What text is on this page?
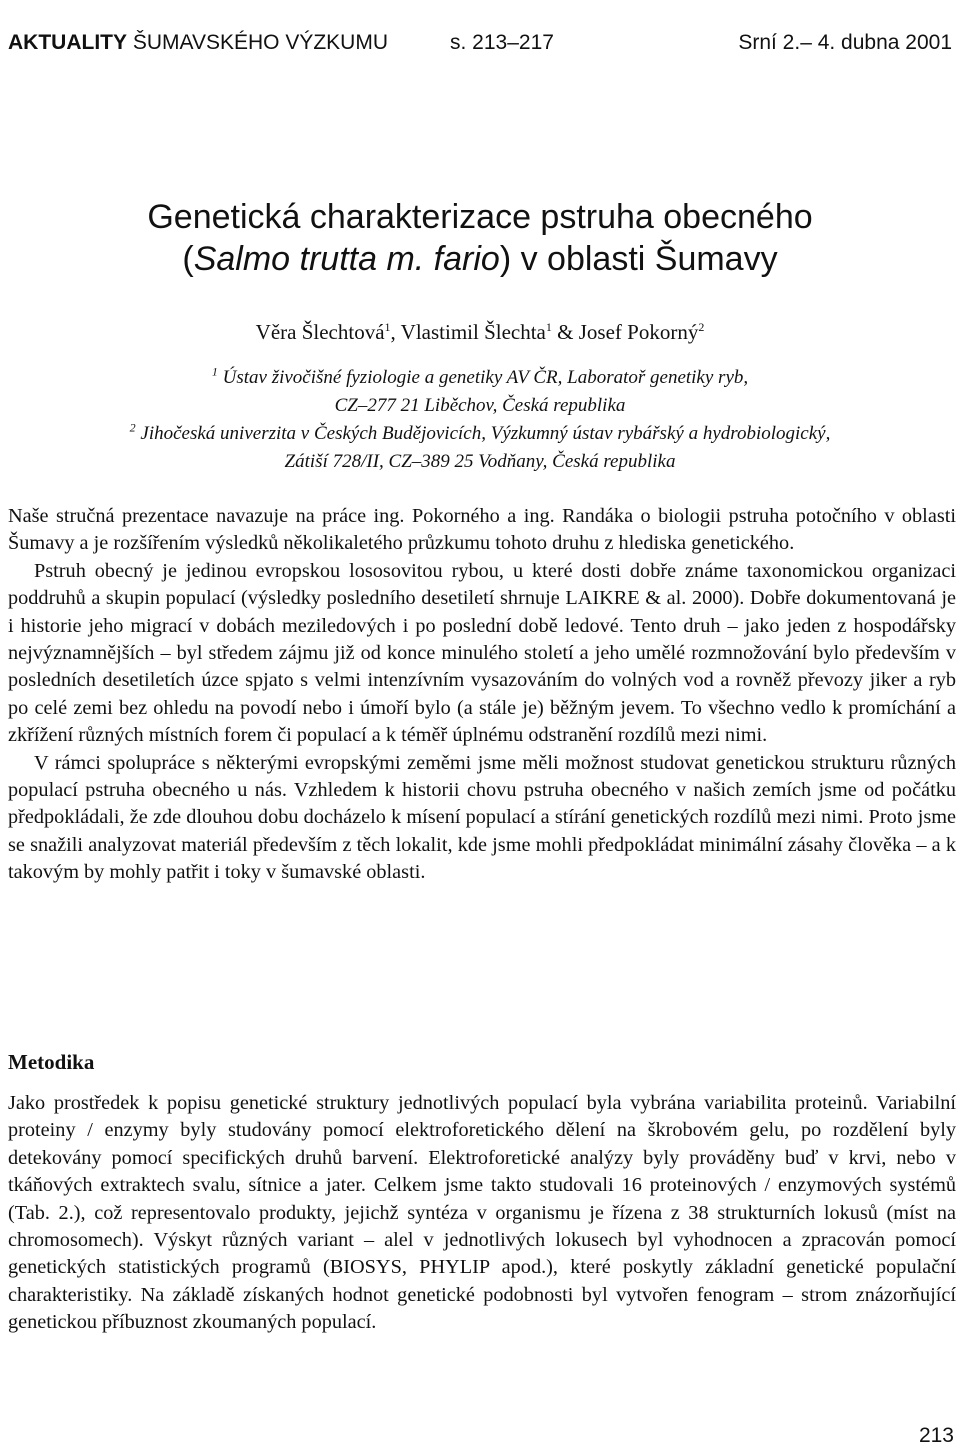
AKTUALITY ŠUMAVSKÉHO VÝZKUMU	s. 213–217	Srní 2.– 4. dubna 2001
Genetická charakterizace pstruha obecného
(Salmo trutta m. fario) v oblasti Šumavy
Věra Šlechtová$^1$, Vlastimil Šlechta$^1$ & Josef Pokorný$^2$
$^1$ Ústav živočišné fyziologie a genetiky AV ČR, Laboratoř genetiky ryb,
CZ–277 21 Liběchov, Česká republika
$^2$ Jihočeská univerzita v Českých Budějovicích, Výzkumný ústav rybářský a hydrobiologický,
Zátiší 728/II, CZ–389 25 Vodňany, Česká republika

Naše stručná prezentace navazuje na práce ing. Pokorného a ing. Randáka o biologii pstruha potočního v oblasti Šumavy a je rozšířením výsledků několikaletého průzkumu tohoto druhu z hlediska genetického.

Pstruh obecný je jedinou evropskou lososovitou rybou, u které dosti dobře známe taxonomickou organizaci poddruhů a skupin populací (výsledky posledního desetiletí shrnuje LAIKRE & al. 2000). Dobře dokumentovaná je i historie jeho migrací v dobách meziledových i po poslední době ledové. Tento druh – jako jeden z hospodářsky nejvýznamnějších – byl středem zájmu již od konce minulého století a jeho umělé rozmnožování bylo především v posledních desetiletích úzce spjato s velmi intenzívním vysazováním do volných vod a rovněž převozy jiker a ryb po celé zemi bez ohledu na povodí nebo i úmoří bylo (a stále je) běžným jevem. To všechno vedlo k promíchání a zkřížení různých místních forem či populací a k téměř úplnému odstranění rozdílů mezi nimi.

V rámci spolupráce s některými evropskými zeměmi jsme měli možnost studovat genetickou strukturu různých populací pstruha obecného u nás. Vzhledem k historii chovu pstruha obecného v našich zemích jsme od počátku předpokládali, že zde dlouhou dobu docházelo k mísení populací a stírání genetických rozdílů mezi nimi. Proto jsme se snažili analyzovat materiál především z těch lokalit, kde jsme mohli předpokládat minimální zásahy člověka – a k takovým by mohly patřit i toky v šumavské oblasti.

Metodika

Jako prostředek k popisu genetické struktury jednotlivých populací byla vybrána variabilita proteinů. Variabilní proteiny / enzymy byly studovány pomocí elektroforetického dělení na škrobovém gelu, po rozdělení byly detekovány pomocí specifických druhů barvení. Elektroforetické analýzy byly prováděny buď v krvi, nebo v tkáňových extraktech svalu, sítnice a jater. Celkem jsme takto studovali 16 proteinových / enzymových systémů (Tab. 2.), což representovalo produkty, jejichž syntéza v organismu je řízena z 38 strukturních lokusů (míst na chromosomech). Výskyt různých variant – alel v jednotlivých lokusech byl vyhodnocen a zpracován pomocí genetických statistických programů (BIOSYS, PHYLIP apod.), které poskytly základní genetické populační charakteristiky. Na základě získaných hodnot genetické podobnosti byl vytvořen fenogram – strom znázorňující genetickou příbuznost zkoumaných populací.

213
